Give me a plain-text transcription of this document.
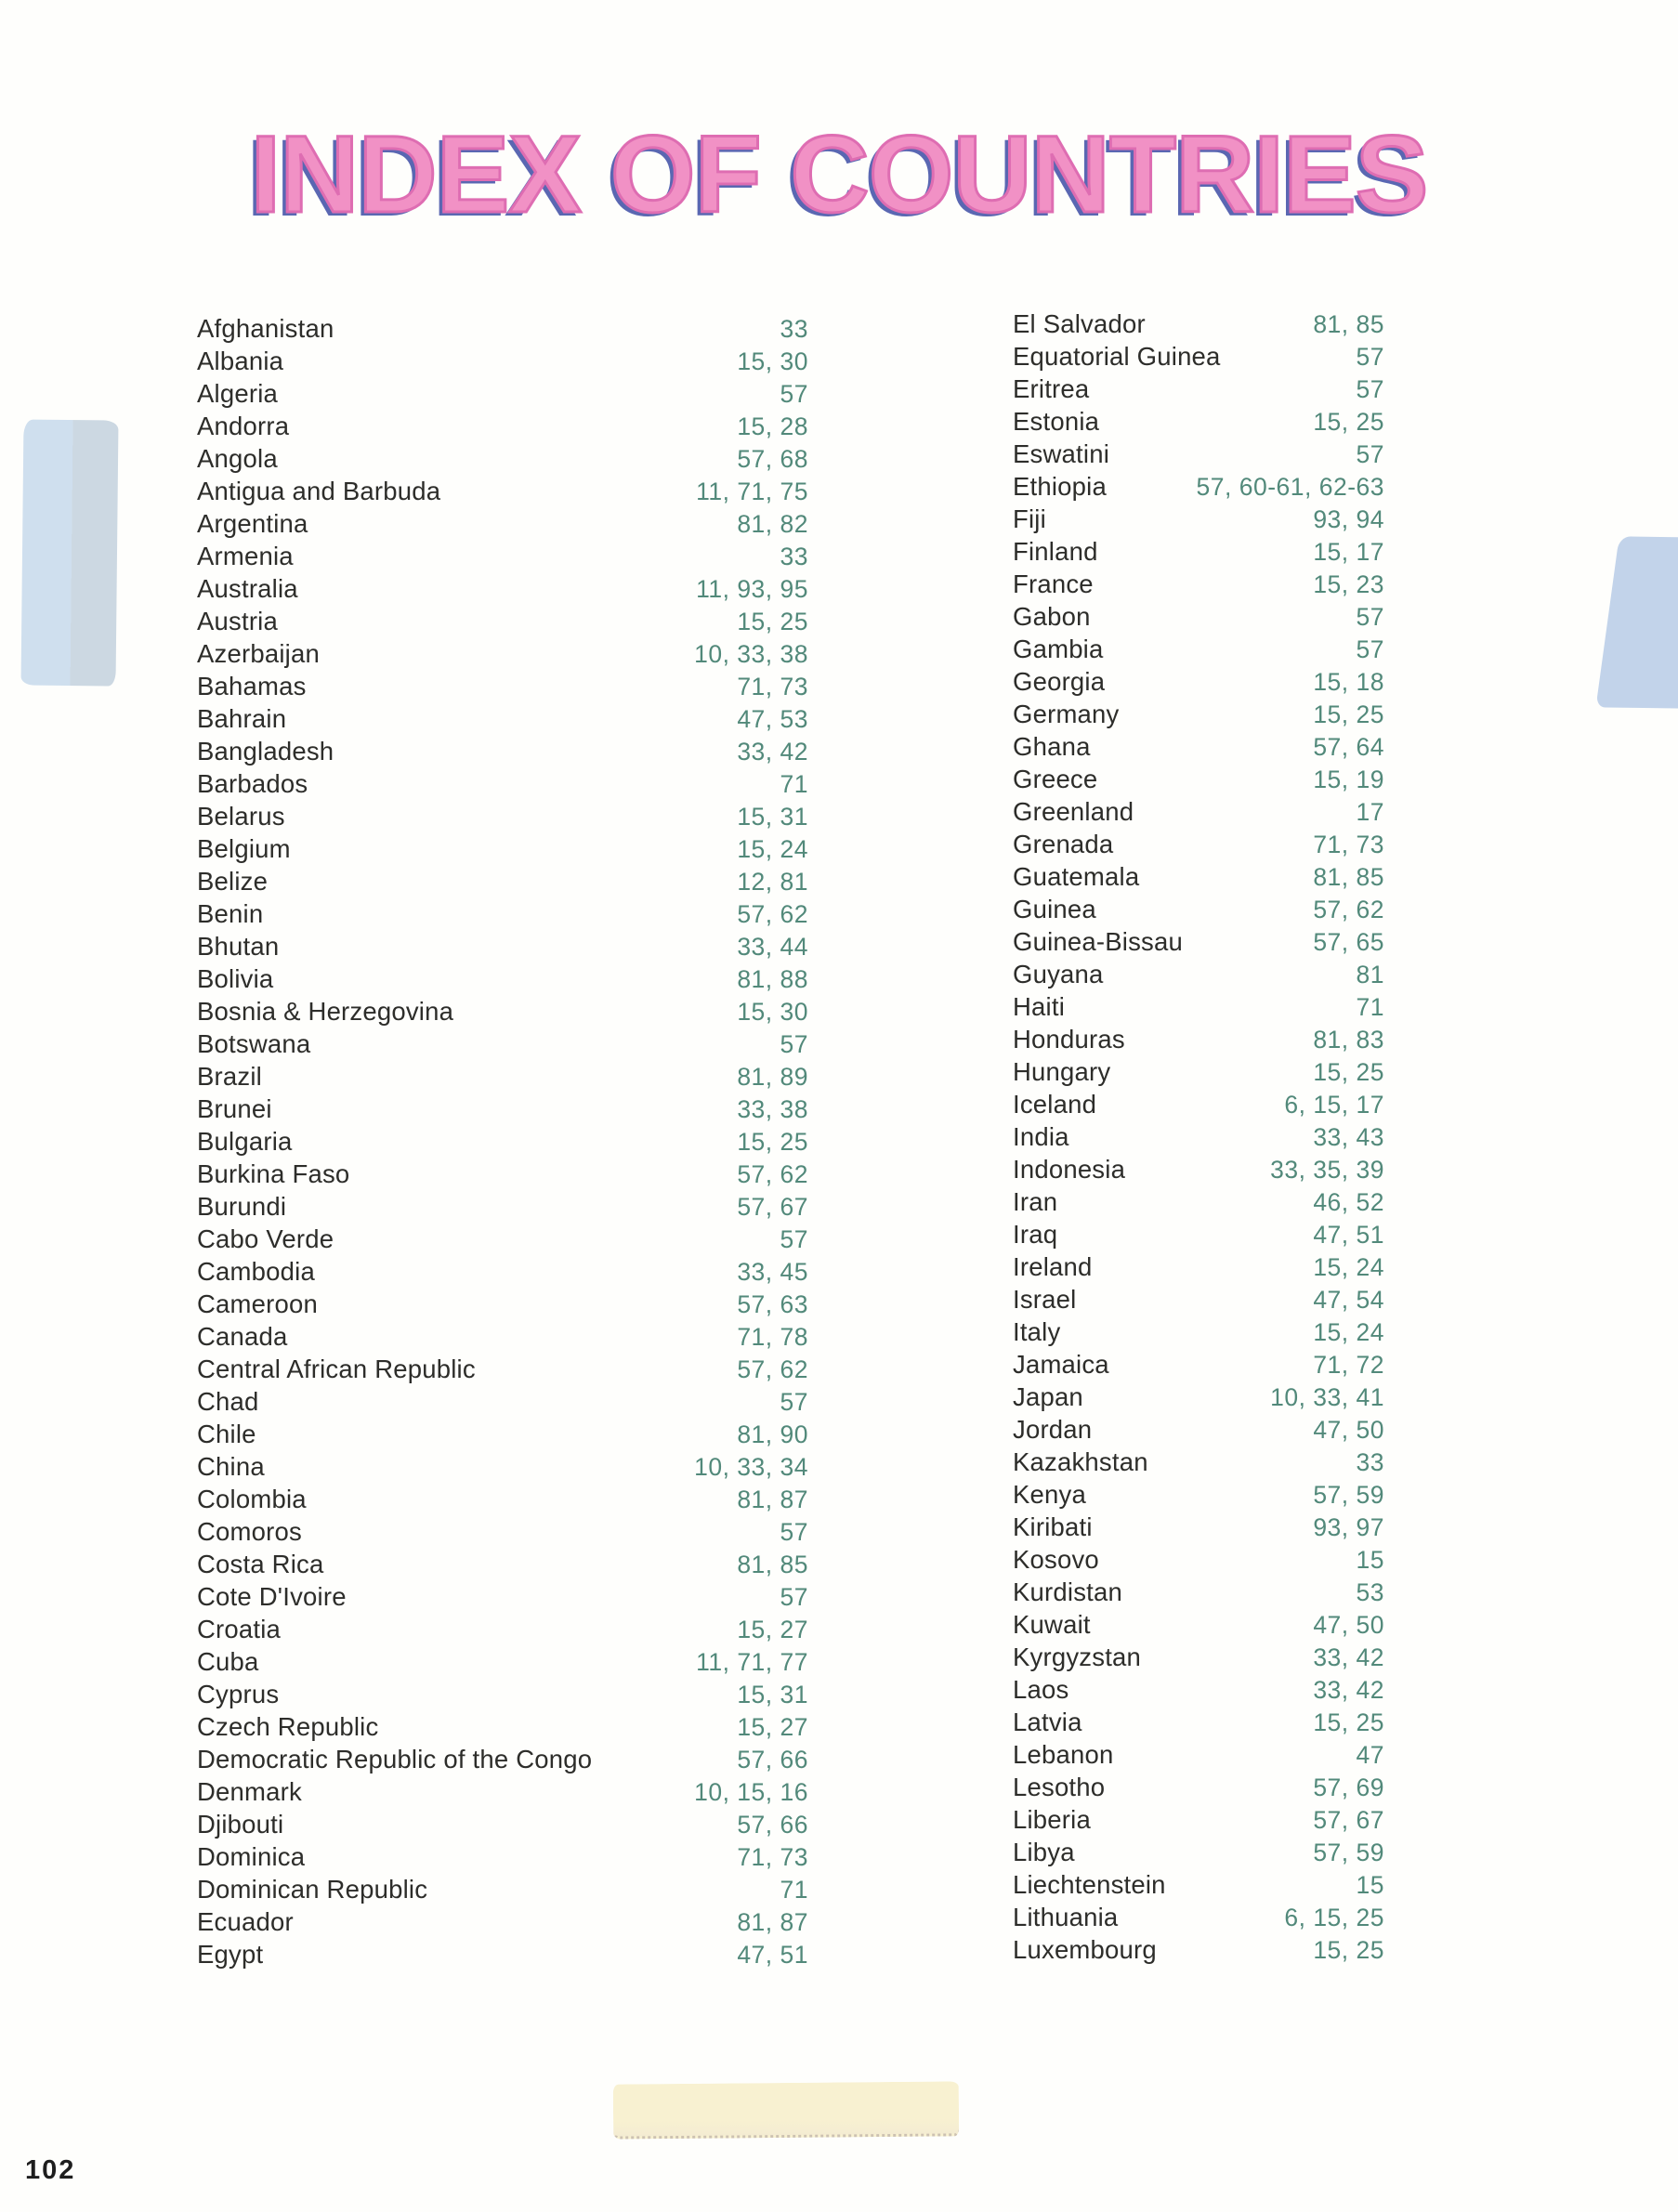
INDEX OF COUNTRIES
Afghanistan	33
Albania	15, 30
Algeria	57
Andorra	15, 28
Angola	57, 68
Antigua and Barbuda	11, 71, 75
Argentina	81, 82
Armenia	33
Australia	11, 93, 95
Austria	15, 25
Azerbaijan	10, 33, 38
Bahamas	71, 73
Bahrain	47, 53
Bangladesh	33, 42
Barbados	71
Belarus	15, 31
Belgium	15, 24
Belize	12, 81
Benin	57, 62
Bhutan	33, 44
Bolivia	81, 88
Bosnia & Herzegovina	15, 30
Botswana	57
Brazil	81, 89
Brunei	33, 38
Bulgaria	15, 25
Burkina Faso	57, 62
Burundi	57, 67
Cabo Verde	57
Cambodia	33, 45
Cameroon	57, 63
Canada	71, 78
Central African Republic	57, 62
Chad	57
Chile	81, 90
China	10, 33, 34
Colombia	81, 87
Comoros	57
Costa Rica	81, 85
Cote D'Ivoire	57
Croatia	15, 27
Cuba	11, 71, 77
Cyprus	15, 31
Czech Republic	15, 27
Democratic Republic of the Congo	57, 66
Denmark	10, 15, 16
Djibouti	57, 66
Dominica	71, 73
Dominican Republic	71
Ecuador	81, 87
Egypt	47, 51
El Salvador	81, 85
Equatorial Guinea	57
Eritrea	57
Estonia	15, 25
Eswatini	57
Ethiopia	57, 60-61, 62-63
Fiji	93, 94
Finland	15, 17
France	15, 23
Gabon	57
Gambia	57
Georgia	15, 18
Germany	15, 25
Ghana	57, 64
Greece	15, 19
Greenland	17
Grenada	71, 73
Guatemala	81, 85
Guinea	57, 62
Guinea-Bissau	57, 65
Guyana	81
Haiti	71
Honduras	81, 83
Hungary	15, 25
Iceland	6, 15, 17
India	33, 43
Indonesia	33, 35, 39
Iran	46, 52
Iraq	47, 51
Ireland	15, 24
Israel	47, 54
Italy	15, 24
Jamaica	71, 72
Japan	10, 33, 41
Jordan	47, 50
Kazakhstan	33
Kenya	57, 59
Kiribati	93, 97
Kosovo	15
Kurdistan	53
Kuwait	47, 50
Kyrgyzstan	33, 42
Laos	33, 42
Latvia	15, 25
Lebanon	47
Lesotho	57, 69
Liberia	57, 67
Libya	57, 59
Liechtenstein	15
Lithuania	6, 15, 25
Luxembourg	15, 25
102
